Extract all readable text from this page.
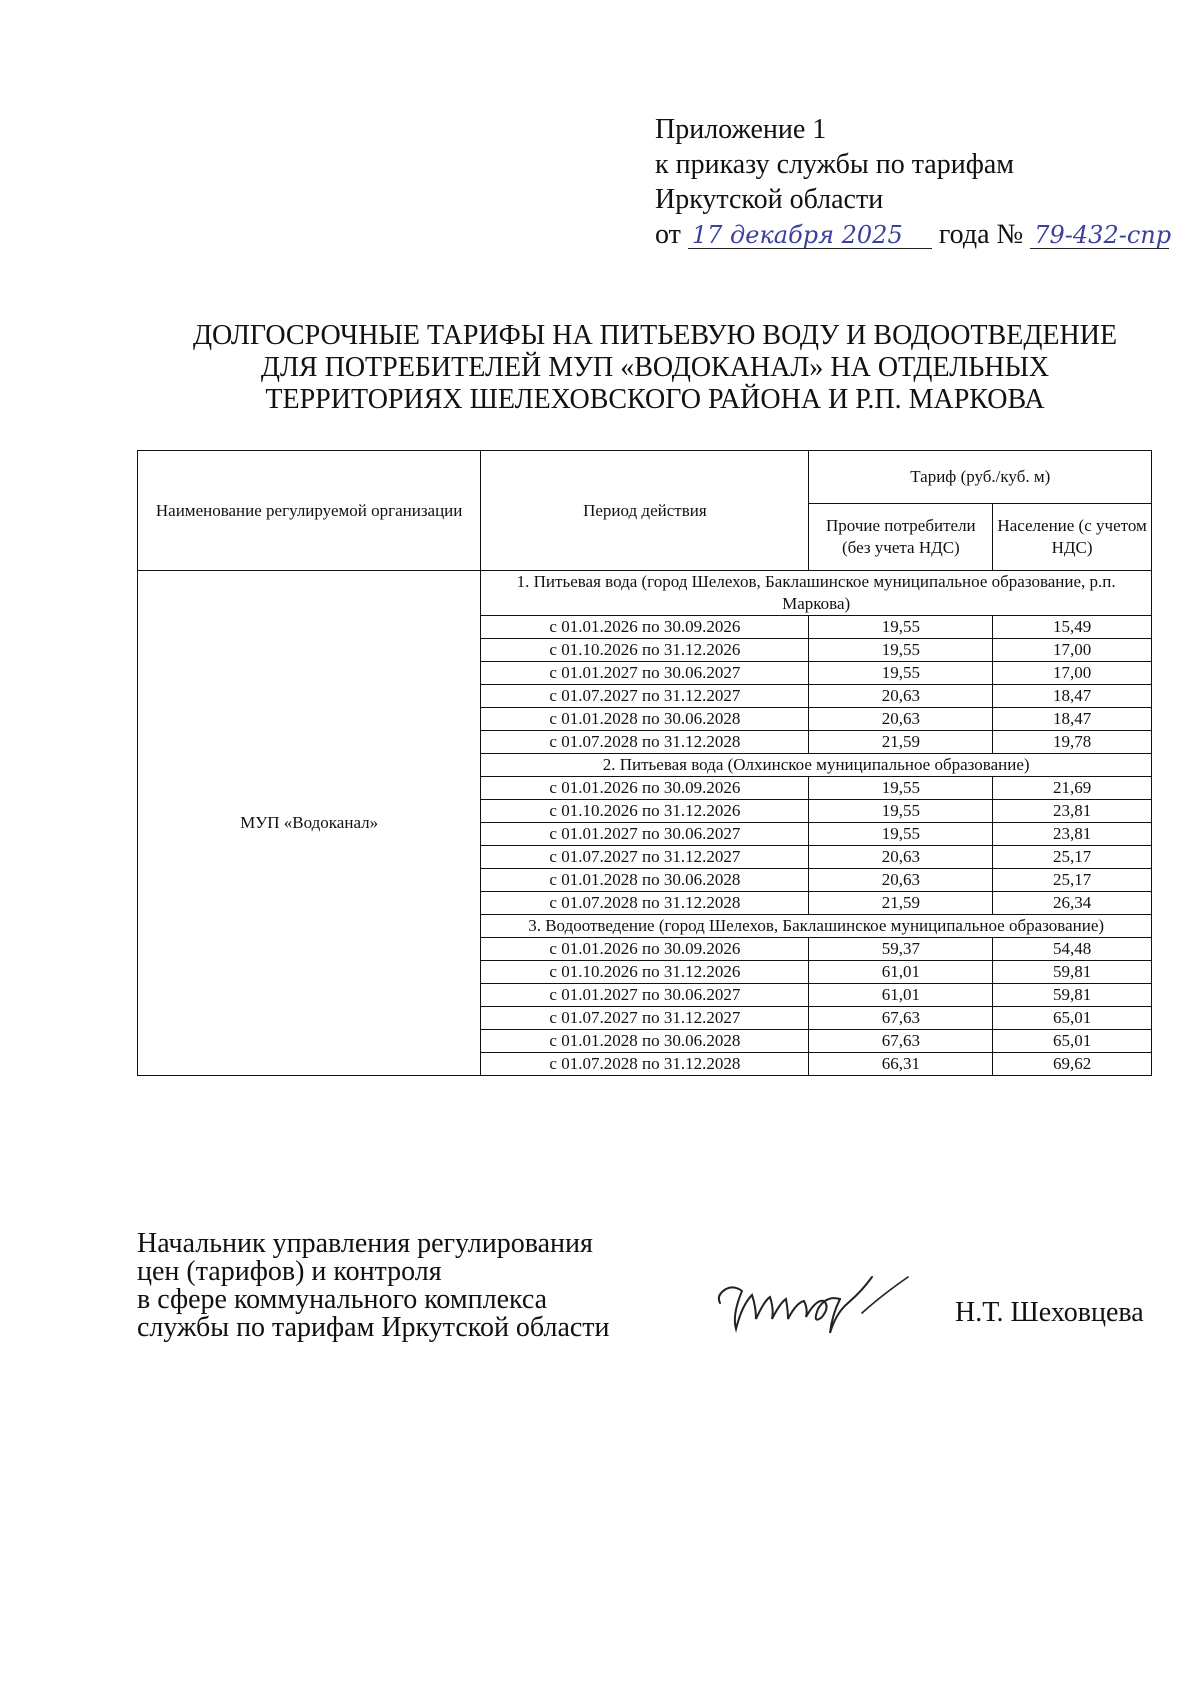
Приложение 1
к приказу службы по тарифам
Иркутской области
от 17 декабря 2025 года № 79-432-спр
ДОЛГОСРОЧНЫЕ ТАРИФЫ НА ПИТЬЕВУЮ ВОДУ И ВОДООТВЕДЕНИЕ
ДЛЯ ПОТРЕБИТЕЛЕЙ МУП «ВОДОКАНАЛ» НА ОТДЕЛЬНЫХ
ТЕРРИТОРИЯХ ШЕЛЕХОВСКОГО РАЙОНА И Р.П. МАРКОВА
Наименование регулируемой организации	Период действия	Тариф (руб./куб. м)	
		Прочие потребители (без учета НДС)	Население (с учетом НДС)
МУП «Водоканал»	1. Питьевая вода (город Шелехов, Баклашинское муниципальное образование, р.п. Маркова)		
	с 01.01.2026 по 30.09.2026	19,55	15,49
	с 01.10.2026 по 31.12.2026	19,55	17,00
	с 01.01.2027 по 30.06.2027	19,55	17,00
	с 01.07.2027 по 31.12.2027	20,63	18,47
	с 01.01.2028 по 30.06.2028	20,63	18,47
	с 01.07.2028 по 31.12.2028	21,59	19,78
	2. Питьевая вода (Олхинское муниципальное образование)		
	с 01.01.2026 по 30.09.2026	19,55	21,69
	с 01.10.2026 по 31.12.2026	19,55	23,81
	с 01.01.2027 по 30.06.2027	19,55	23,81
	с 01.07.2027 по 31.12.2027	20,63	25,17
	с 01.01.2028 по 30.06.2028	20,63	25,17
	с 01.07.2028 по 31.12.2028	21,59	26,34
	3. Водоотведение (город Шелехов, Баклашинское муниципальное образование)		
	с 01.01.2026 по 30.09.2026	59,37	54,48
	с 01.10.2026 по 31.12.2026	61,01	59,81
	с 01.01.2027 по 30.06.2027	61,01	59,81
	с 01.07.2027 по 31.12.2027	67,63	65,01
	с 01.01.2028 по 30.06.2028	67,63	65,01
	с 01.07.2028 по 31.12.2028	66,31	69,62
Начальник управления регулирования
цен (тарифов) и контроля
в сфере коммунального комплекса
службы по тарифам Иркутской области	Н.Т. Шеховцева
